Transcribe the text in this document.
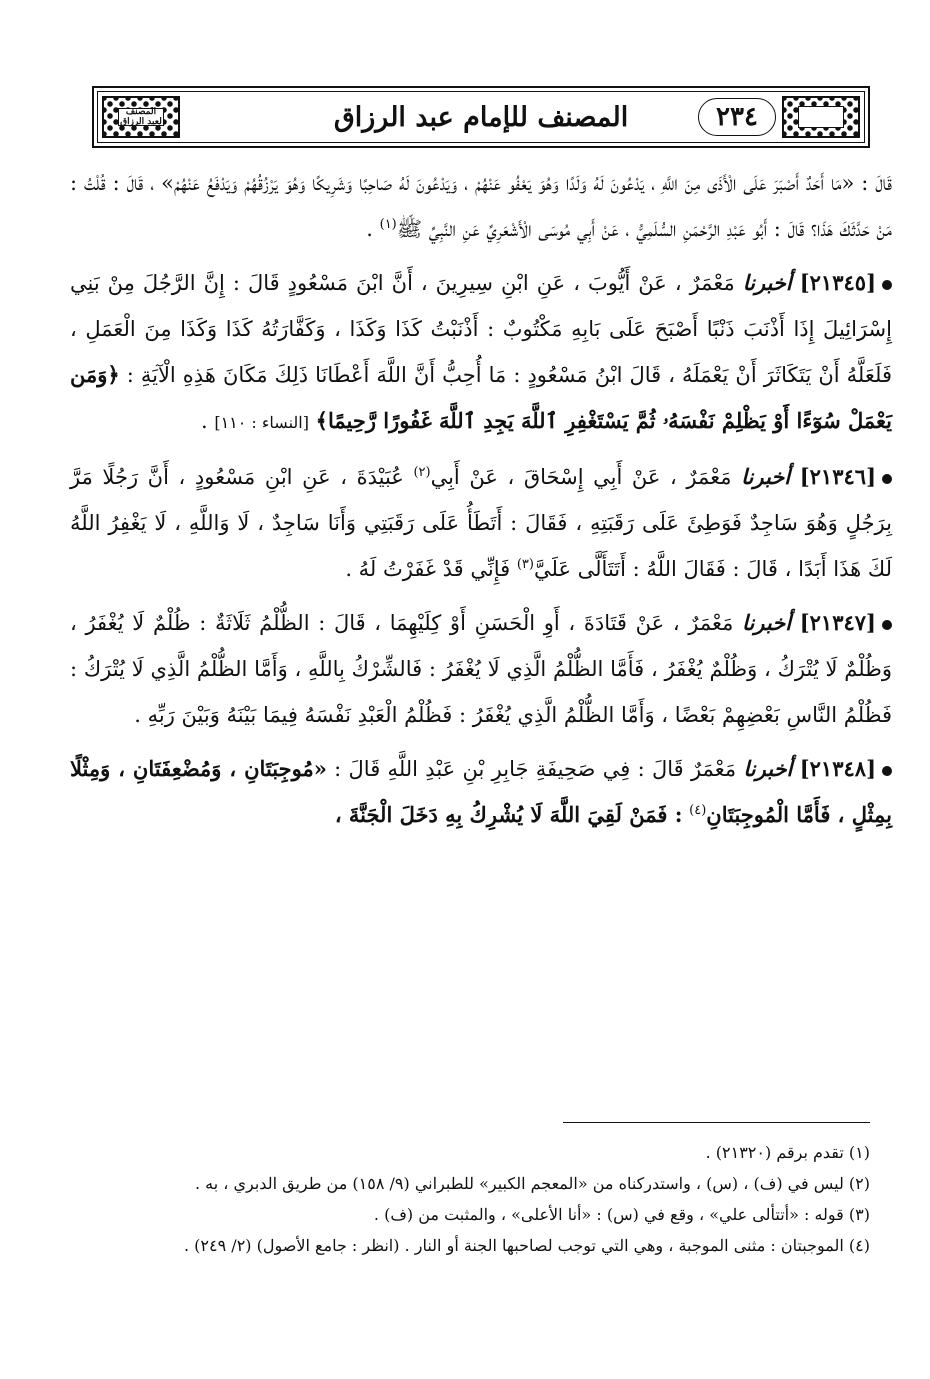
٢٣٤
المصنف للإمام عبد الرزاق
المصنف لعبد الرزاق

قَالَ : «مَا أَحَدٌ أَصْبَرَ عَلَى الْأَذَى مِنَ اللَّهِ ، يَدْعُونَ لَهُ وَلَدًا وَهُوَ يَعْفُو عَنْهُمْ ، وَيَدْعُونَ لَهُ صَاحِبًا وَشَرِيكًا وَهُوَ يَرْزُقُهُمْ وَيَدْفَعُ عَنْهُمْ» ، قَالَ : قُلْتُ : مَنْ حَدَّثَكَ هَذَا؟ قَالَ : أَبُو عَبْدِ الرَّحْمَنِ السُّلَمِيُّ ، عَنْ أَبِي مُوسَى الْأَشْعَرِيِّ عَنِ النَّبِيِّ ﷺ$^{(١)}$ .

[٢١٣٤٥] أخبرنا مَعْمَرٌ ، عَنْ أَيُّوبَ ، عَنِ ابْنِ سِيرِينَ ، أَنَّ ابْنَ مَسْعُودٍ قَالَ : إِنَّ الرَّجُلَ مِنْ بَنِي إِسْرَائِيلَ إِذَا أَذْنَبَ ذَنْبًا أَصْبَحَ عَلَى بَابِهِ مَكْتُوبٌ : أَذْنَبْتُ كَذَا وَكَذَا ، وَكَفَّارَتُهُ كَذَا وَكَذَا مِنَ الْعَمَلِ ، فَلَعَلَّهُ أَنْ يَتَكَاثَرَ أَنْ يَعْمَلَهُ ، قَالَ ابْنُ مَسْعُودٍ : مَا أُحِبُّ أَنَّ اللَّهَ أَعْطَانَا ذَلِكَ مَكَانَ هَذِهِ الْآيَةِ : ﴿وَمَن يَعْمَلْ سُوٓءًا أَوْ يَظْلِمْ نَفْسَهُۥ ثُمَّ يَسْتَغْفِرِ ٱللَّهَ يَجِدِ ٱللَّهَ غَفُورًا رَّحِيمًا﴾ [النساء : ١١٠] .

[٢١٣٤٦] أخبرنا مَعْمَرٌ ، عَنْ أَبِي إِسْحَاقَ ، عَنْ أَبِي$^{(٢)}$ عُبَيْدَةَ ، عَنِ ابْنِ مَسْعُودٍ ، أَنَّ رَجُلًا مَرَّ بِرَجُلٍ وَهُوَ سَاجِدٌ فَوَطِئَ عَلَى رَقَبَتِهِ ، فَقَالَ : أَتَطَأُ عَلَى رَقَبَتِي وَأَنَا سَاجِدٌ ، لَا وَاللَّهِ ، لَا يَغْفِرُ اللَّهُ لَكَ هَذَا أَبَدًا ، قَالَ : فَقَالَ اللَّهُ : أَتَتَأَلَّى عَلَيَّ$^{(٣)}$ فَإِنِّي قَدْ غَفَرْتُ لَهُ .

[٢١٣٤٧] أخبرنا مَعْمَرٌ ، عَنْ قَتَادَةَ ، أَوِ الْحَسَنِ أَوْ كِلَيْهِمَا ، قَالَ : الظُّلْمُ ثَلَاثَةٌ : ظُلْمٌ لَا يُغْفَرُ ، وَظُلْمٌ لَا يُتْرَكُ ، وَظُلْمٌ يُغْفَرُ ، فَأَمَّا الظُّلْمُ الَّذِي لَا يُغْفَرُ : فَالشِّرْكُ بِاللَّهِ ، وَأَمَّا الظُّلْمُ الَّذِي لَا يُتْرَكُ : فَظُلْمُ النَّاسِ بَعْضِهِمْ بَعْضًا ، وَأَمَّا الظُّلْمُ الَّذِي يُغْفَرُ : فَظُلْمُ الْعَبْدِ نَفْسَهُ فِيمَا بَيْنَهُ وَبَيْنَ رَبِّهِ .

[٢١٣٤٨] أخبرنا مَعْمَرٌ قَالَ : فِي صَحِيفَةِ جَابِرِ بْنِ عَبْدِ اللَّهِ قَالَ : «مُوجِبَتَانِ ، وَمُضْعِفَتَانِ ، وَمِثْلًا بِمِثْلٍ ، فَأَمَّا الْمُوجِبَتَانِ$^{(٤)}$ : فَمَنْ لَقِيَ اللَّهَ لَا يُشْرِكُ بِهِ دَخَلَ الْجَنَّةَ ،

(١) تقدم برقم (٢١٣٢٠) .

(٢) ليس في (ف) ، (س) ، واستدركناه من «المعجم الكبير» للطبراني (٩/ ١٥٨) من طريق الدبري ، به .

(٣) قوله : «أتتألى علي» ، وقع في (س) : «أنا الأعلى» ، والمثبت من (ف) .

(٤) الموجبتان : مثنى الموجبة ، وهي التي توجب لصاحبها الجنة أو النار . (انظر : جامع الأصول) (٢/ ٢٤٩) .
